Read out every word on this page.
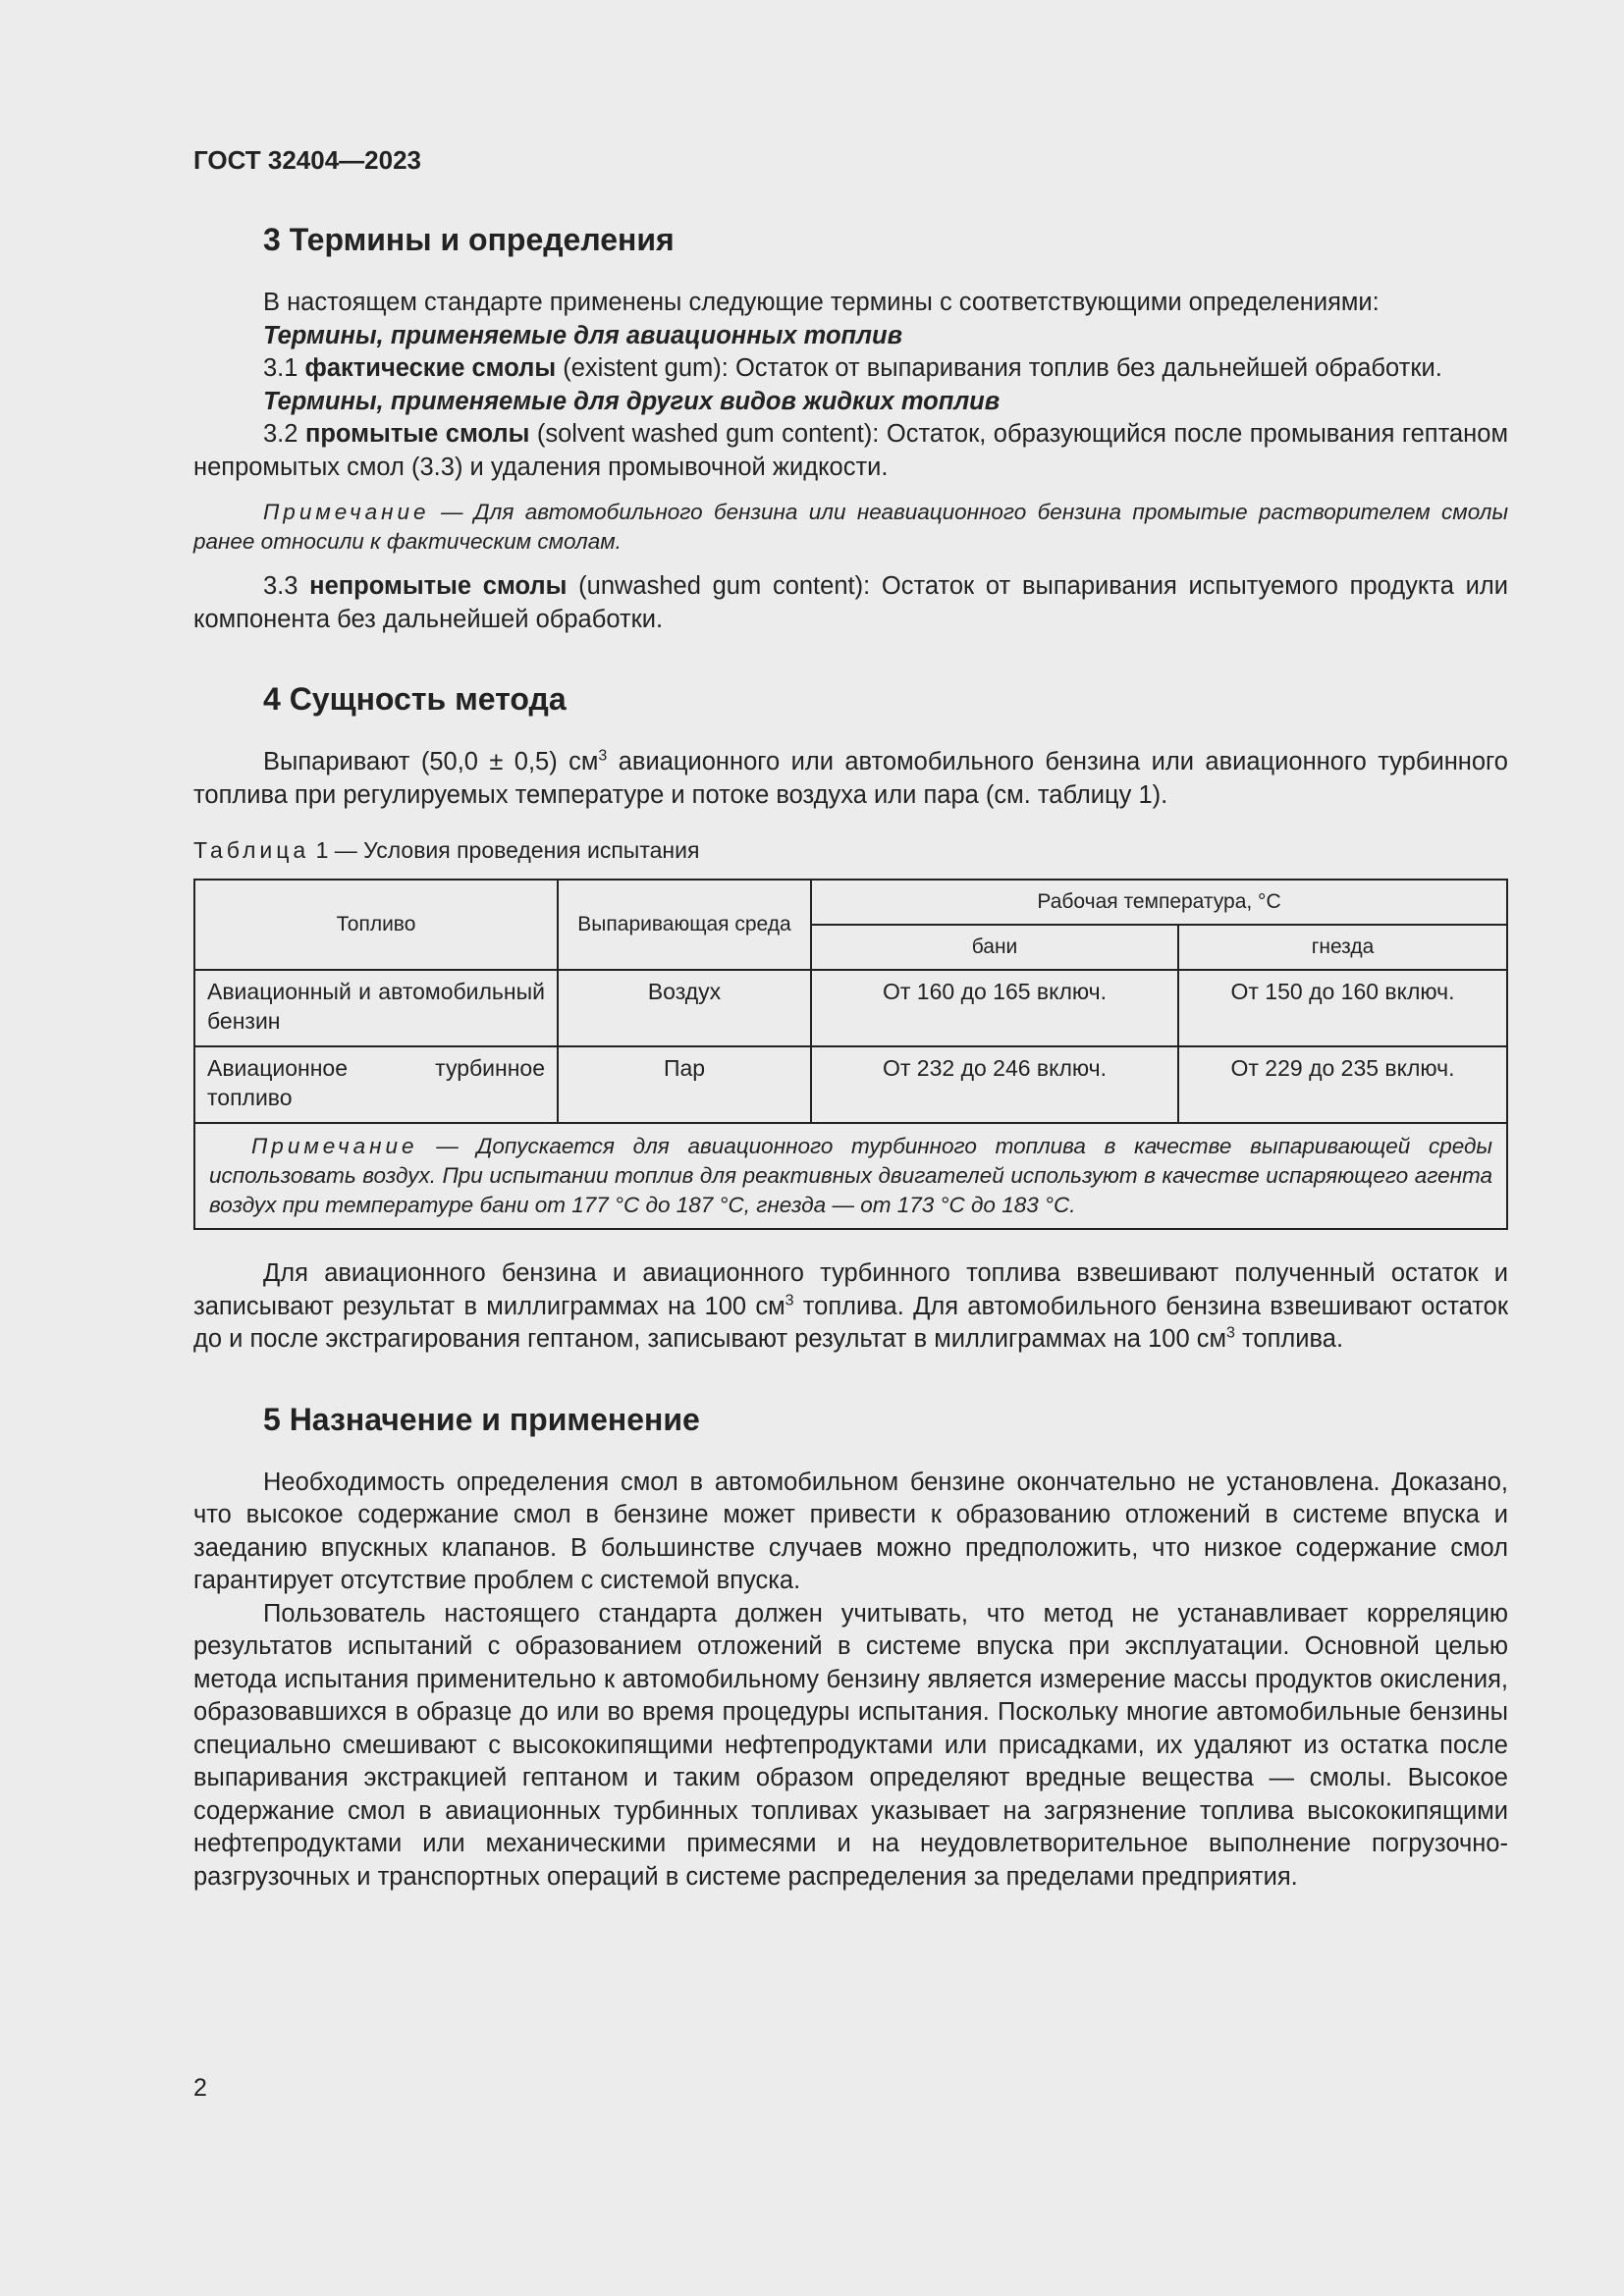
ГОСТ 32404—2023
3 Термины и определения

В настоящем стандарте применены следующие термины с соответствующими определениями:

Термины, применяемые для авиационных топлив

3.1 фактические смолы (existent gum): Остаток от выпаривания топлив без дальнейшей обработки.

Термины, применяемые для других видов жидких топлив

3.2 промытые смолы (solvent washed gum content): Остаток, образующийся после промывания гептаном непромытых смол (3.3) и удаления промывочной жидкости.

Примечание — Для автомобильного бензина или неавиационного бензина промытые растворителем смолы ранее относили к фактическим смолам.

3.3 непромытые смолы (unwashed gum content): Остаток от выпаривания испытуемого продукта или компонента без дальнейшей обработки.

4 Сущность метода

Выпаривают (50,0 ± 0,5) $см^3$ авиационного или автомобильного бензина или авиационного турбинного топлива при регулируемых температуре и потоке воздуха или пара (см. таблицу 1).

Таблица 1 — Условия проведения испытания
Топливо	Выпаривающая среда	Рабочая температура, °С	
		бани	гнезда
Авиационный и автомобильный бензин	Воздух	От 160 до 165 включ.	От 150 до 160 включ.
Авиационное турбинное топливо	Пар	От 232 до 246 включ.	От 229 до 235 включ.
Примечание — Допускается для авиационного турбинного топлива в качестве выпаривающей среды использовать воздух. При испытании топлив для реактивных двигателей используют в качестве испаряющего агента воздух при температуре бани от 177 °С до 187 °С, гнезда — от 173 °С до 183 °С.			

Для авиационного бензина и авиационного турбинного топлива взвешивают полученный остаток и записывают результат в миллиграммах на 100 $см^3$ топлива. Для автомобильного бензина взвешивают остаток до и после экстрагирования гептаном, записывают результат в миллиграммах на 100 $см^3$ топлива.

5 Назначение и применение

Необходимость определения смол в автомобильном бензине окончательно не установлена. Доказано, что высокое содержание смол в бензине может привести к образованию отложений в системе впуска и заеданию впускных клапанов. В большинстве случаев можно предположить, что низкое содержание смол гарантирует отсутствие проблем с системой впуска.

Пользователь настоящего стандарта должен учитывать, что метод не устанавливает корреляцию результатов испытаний с образованием отложений в системе впуска при эксплуатации. Основной целью метода испытания применительно к автомобильному бензину является измерение массы продуктов окисления, образовавшихся в образце до или во время процедуры испытания. Поскольку многие автомобильные бензины специально смешивают с высококипящими нефтепродуктами или присадками, их удаляют из остатка после выпаривания экстракцией гептаном и таким образом определяют вредные вещества — смолы. Высокое содержание смол в авиационных турбинных топливах указывает на загрязнение топлива высококипящими нефтепродуктами или механическими примесями и на неудовлетворительное выполнение погрузочно-разгрузочных и транспортных операций в системе распределения за пределами предприятия.

2
